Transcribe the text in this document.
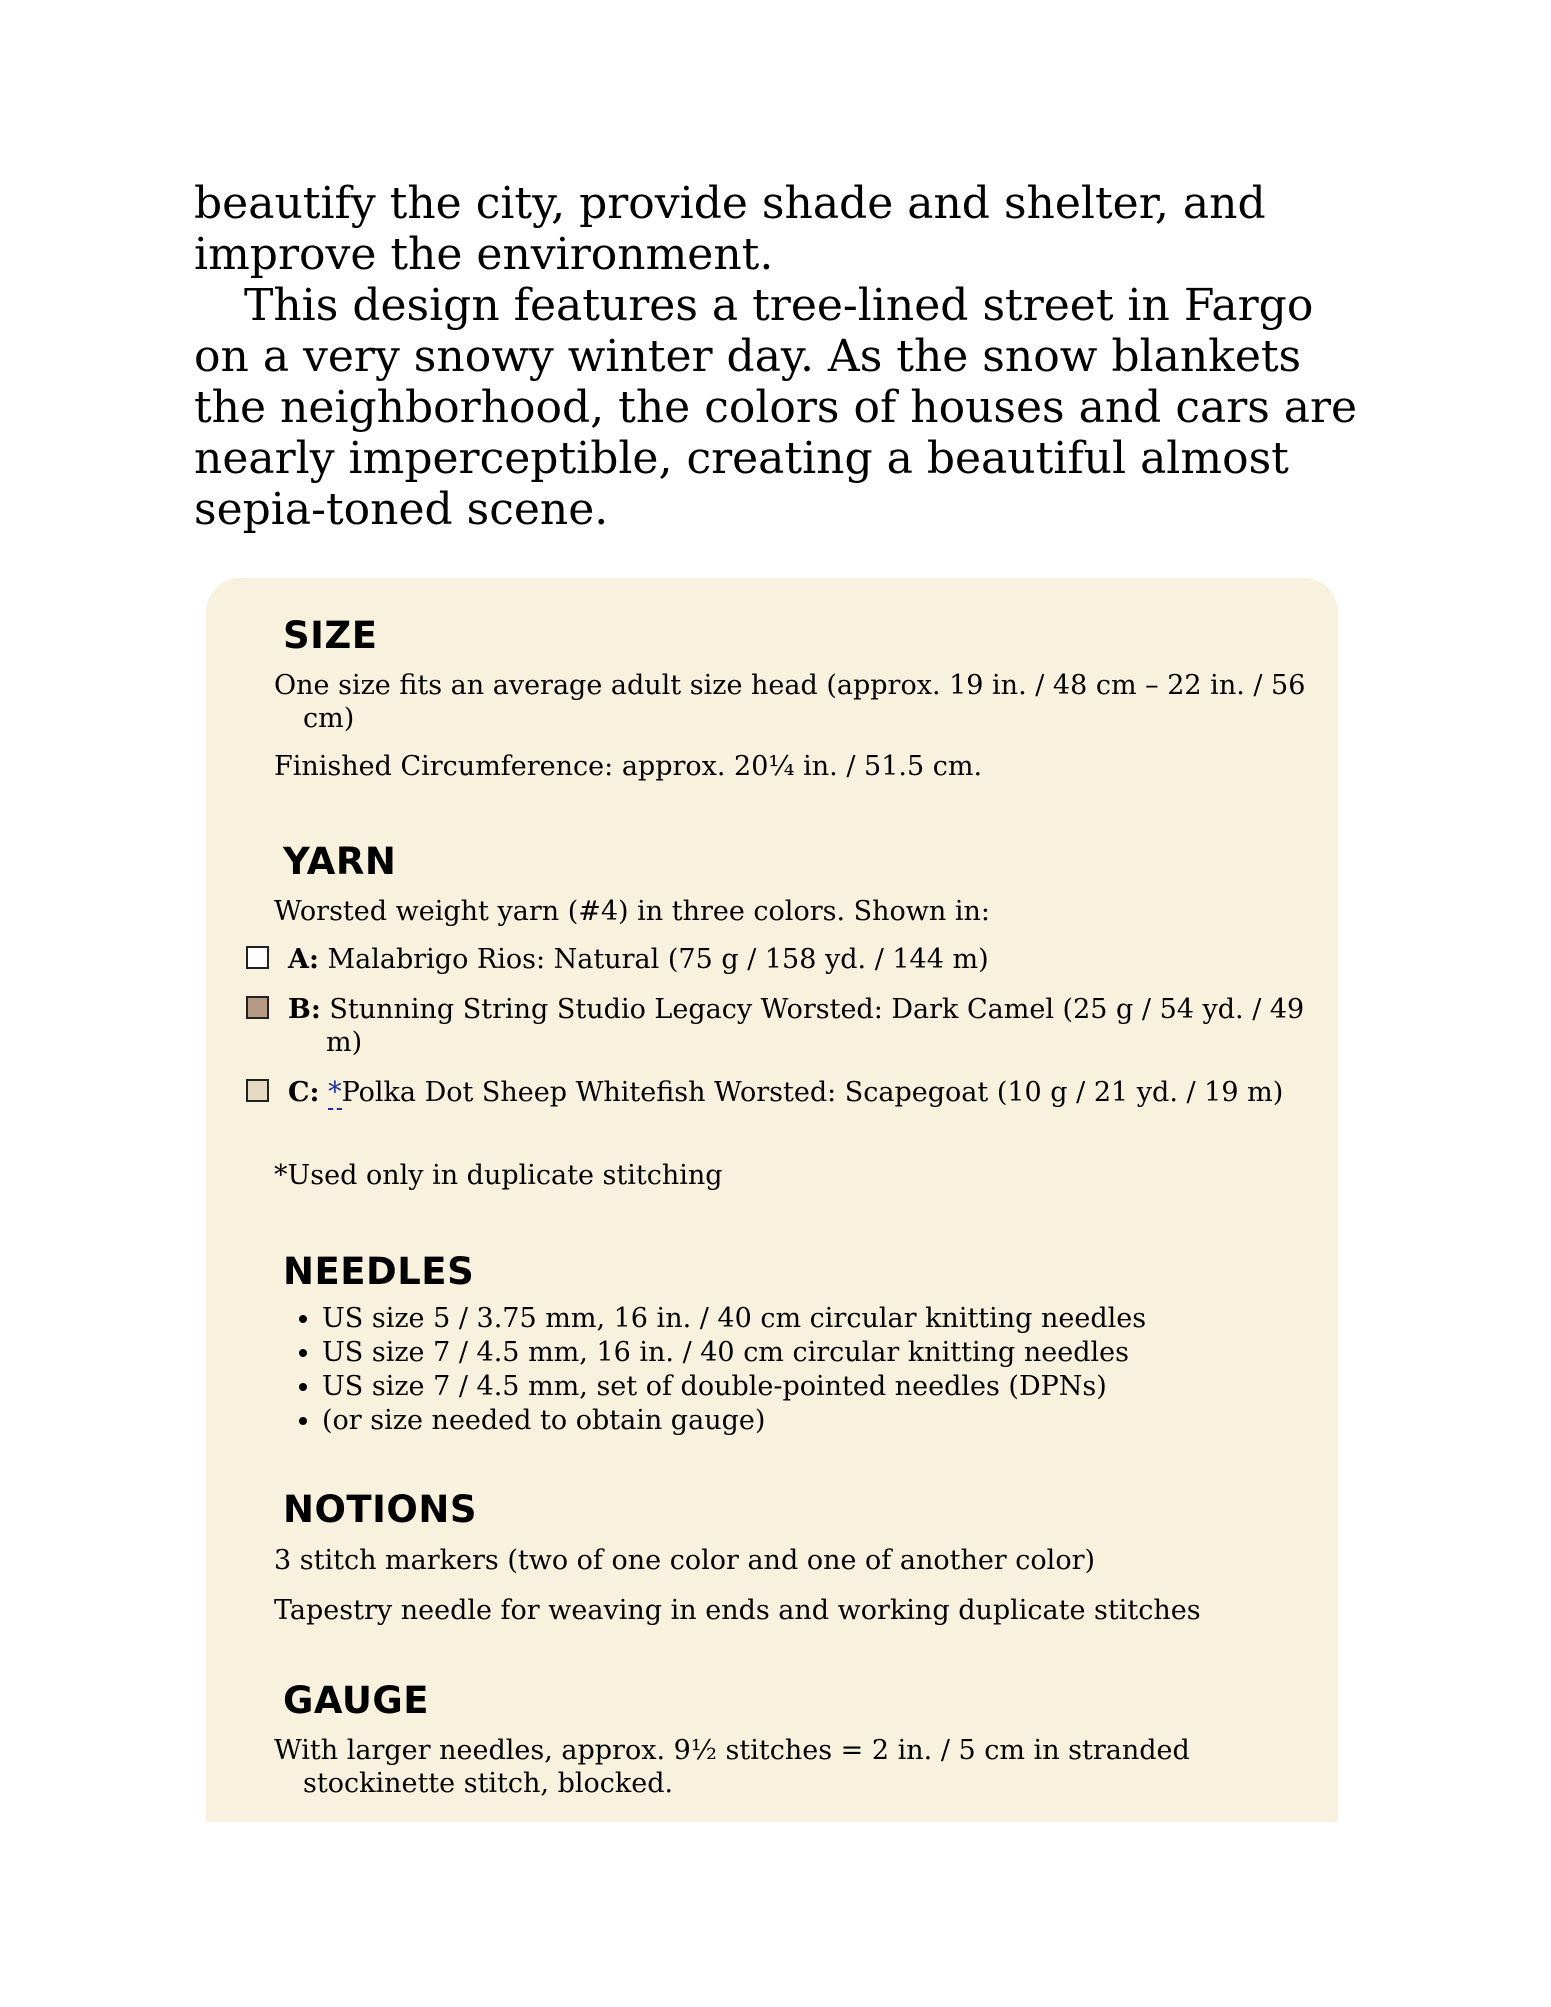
beautify the city, provide shade and shelter, and improve the environment.

This design features a tree-lined street in Fargo on a very snowy winter day. As the snow blankets the neighborhood, the colors of houses and cars are nearly imperceptible, creating a beautiful almost sepia-toned scene.

SIZE

One size fits an average adult size head (approx. 19 in. / 48 cm – 22 in. / 56 cm)

Finished Circumference: approx. 20¼ in. / 51.5 cm.

YARN

Worsted weight yarn (#4) in three colors. Shown in:

A: Malabrigo Rios: Natural (75 g / 158 yd. / 144 m)
B: Stunning String Studio Legacy Worsted: Dark Camel (25 g / 54 yd. / 49 m)
C: *Polka Dot Sheep Whitefish Worsted: Scapegoat (10 g / 21 yd. / 19 m)

*Used only in duplicate stitching

NEEDLES
• US size 5 / 3.75 mm, 16 in. / 40 cm circular knitting needles
• US size 7 / 4.5 mm, 16 in. / 40 cm circular knitting needles
• US size 7 / 4.5 mm, set of double-pointed needles (DPNs)
• (or size needed to obtain gauge)
NOTIONS

3 stitch markers (two of one color and one of another color)

Tapestry needle for weaving in ends and working duplicate stitches

GAUGE

With larger needles, approx. 9½ stitches = 2 in. / 5 cm in stranded stockinette stitch, blocked.
